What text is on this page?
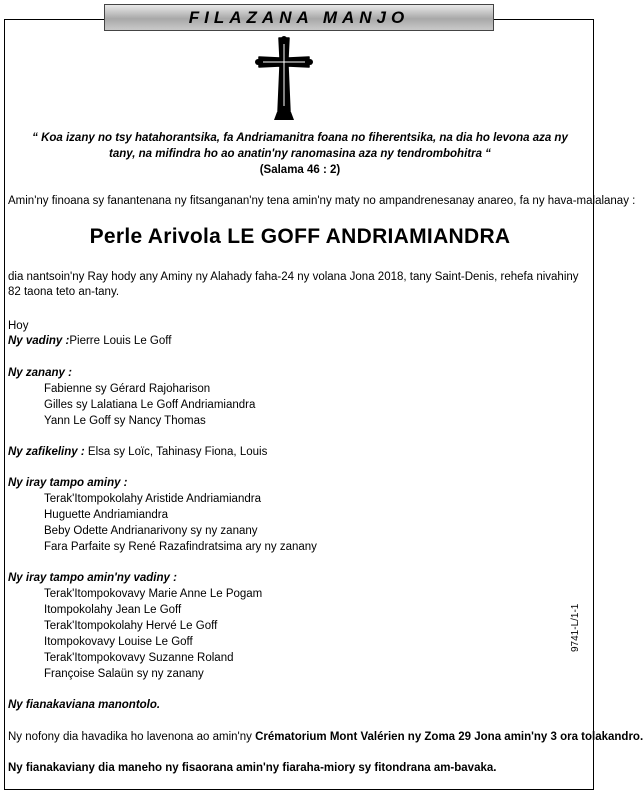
FILAZANA MANJO
“ Koa izany no tsy hatahorantsika, fa Andriamanitra foana no fiherentsika, na dia ho levona aza ny tany, na mifindra ho ao anatin'ny ranomasina aza ny tendrombohitra “
(Salama 46 : 2)
Amin'ny finoana sy fanantenana ny fitsanganan'ny tena amin'ny maty no ampandrenesanay anareo, fa ny hava-malalanay :
Perle Arivola LE GOFF ANDRIAMIANDRA
dia nantsoin'ny Ray hody any Aminy ny Alahady faha-24 ny volana Jona 2018, tany Saint-Denis, rehefa nivahiny 82 taona teto an-tany.
Hoy
Ny vadiny :Pierre Louis Le Goff
Ny zanany :
Fabienne sy Gérard Rajoharison
Gilles sy Lalatiana Le Goff Andriamiandra
Yann Le Goff sy Nancy Thomas
Ny zafikeliny : Elsa sy Loïc, Tahinasy Fiona, Louis
Ny iray tampo aminy :
Terak'Itompokolahy Aristide Andriamiandra
Huguette Andriamiandra
Beby Odette Andrianarivony sy ny zanany
Fara Parfaite sy René Razafindratsima ary ny zanany
Ny iray tampo amin'ny vadiny :
Terak'Itompokovavy Marie Anne Le Pogam
Itompokolahy Jean Le Goff
Terak'Itompokolahy Hervé Le Goff
Itompokovavy Louise Le Goff
Terak'Itompokovavy Suzanne Roland
Françoise Salaün sy ny zanany
Ny fianakaviana manontolo.
Ny nofony dia havadika ho lavenona ao amin'ny Crématorium Mont Valérien ny Zoma 29 Jona amin'ny 3 ora tolakandro.
Ny fianakaviany dia maneho ny fisaorana amin'ny fiaraha-miory sy fitondrana am-bavaka.
9741-L/1-1
